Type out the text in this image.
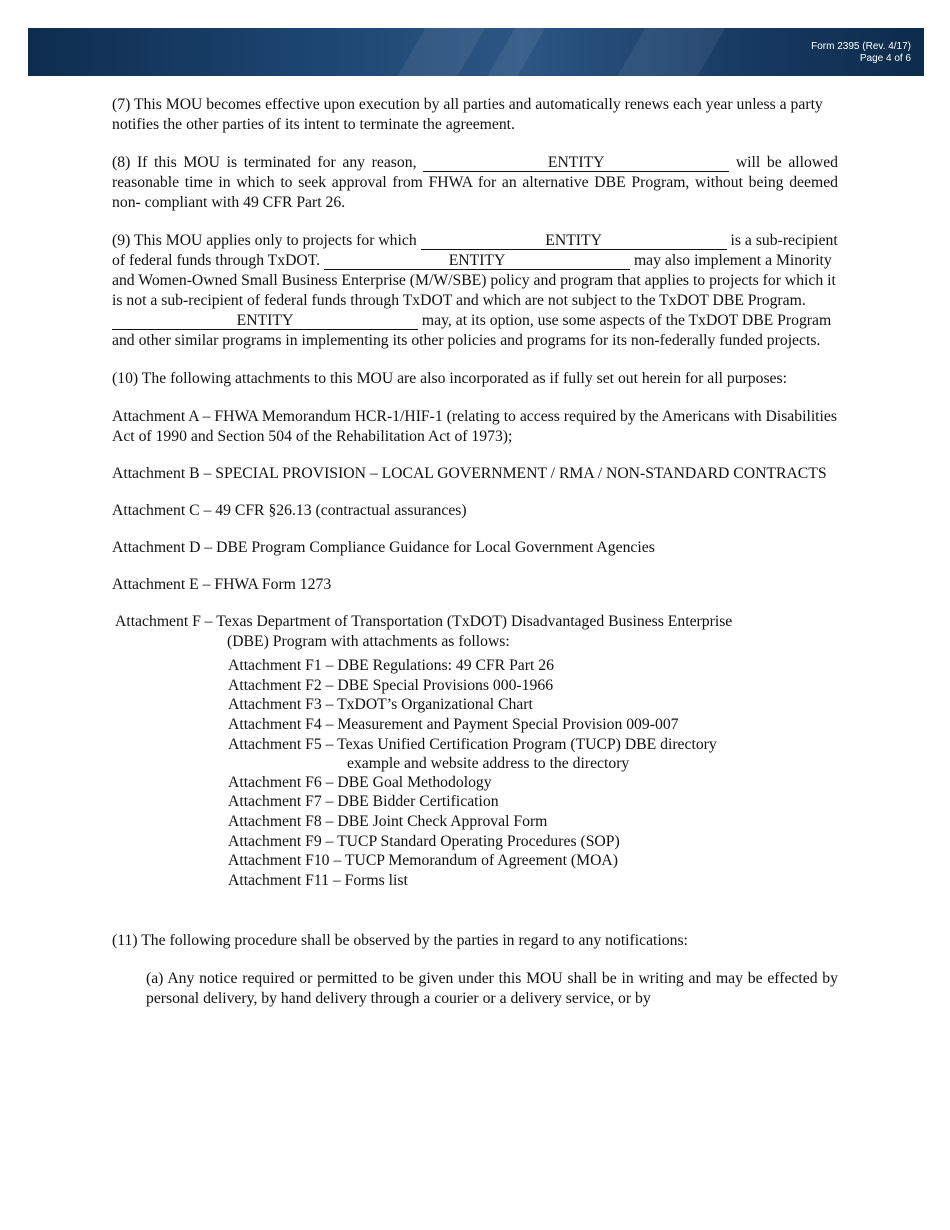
Form 2395 (Rev. 4/17)
Page 4 of 6

(7) This MOU becomes effective upon execution by all parties and automatically renews each year unless a party notifies the other parties of its intent to terminate the agreement.

(8) If this MOU is terminated for any reason,	ENTITY	will be allowed reasonable time in which to seek approval from FHWA for an alternative DBE Program, without being deemed non- compliant with 49 CFR Part 26.

(9) This MOU applies only to projects for which	ENTITY	is a sub-recipient of federal funds through TxDOT.	ENTITY	may also implement a Minority and Women-Owned Small Business Enterprise (M/W/SBE) policy and program that applies to projects for which it is not a sub-recipient of federal funds through TxDOT and which are not subject to the TxDOT DBE Program. ENTITY	may, at its option, use some aspects of the TxDOT DBE Program and other similar programs in implementing its other policies and programs for its non-federally funded projects.

(10) The following attachments to this MOU are also incorporated as if fully set out herein for all purposes:

Attachment A – FHWA Memorandum HCR-1/HIF-1 (relating to access required by the Americans with Disabilities Act of 1990 and Section 504 of the Rehabilitation Act of 1973);

Attachment B – SPECIAL PROVISION – LOCAL GOVERNMENT / RMA / NON-STANDARD CONTRACTS

Attachment C – 49 CFR §26.13 (contractual assurances)

Attachment D – DBE Program Compliance Guidance for Local Government Agencies

Attachment E – FHWA Form 1273

Attachment F – Texas Department of Transportation (TxDOT) Disadvantaged Business Enterprise
(DBE) Program with attachments as follows:
Attachment F1 – DBE Regulations: 49 CFR Part 26
Attachment F2 – DBE Special Provisions 000-1966
Attachment F3 – TxDOT’s Organizational Chart
Attachment F4 – Measurement and Payment Special Provision 009-007
Attachment F5 – Texas Unified Certification Program (TUCP) DBE directory
example and website address to the directory
Attachment F6 – DBE Goal Methodology
Attachment F7 – DBE Bidder Certification
Attachment F8 – DBE Joint Check Approval Form
Attachment F9 – TUCP Standard Operating Procedures (SOP)
Attachment F10 – TUCP Memorandum of Agreement (MOA)
Attachment F11 – Forms list

(11) The following procedure shall be observed by the parties in regard to any notifications:

(a) Any notice required or permitted to be given under this MOU shall be in writing and may be effected by personal delivery, by hand delivery through a courier or a delivery service, or by
